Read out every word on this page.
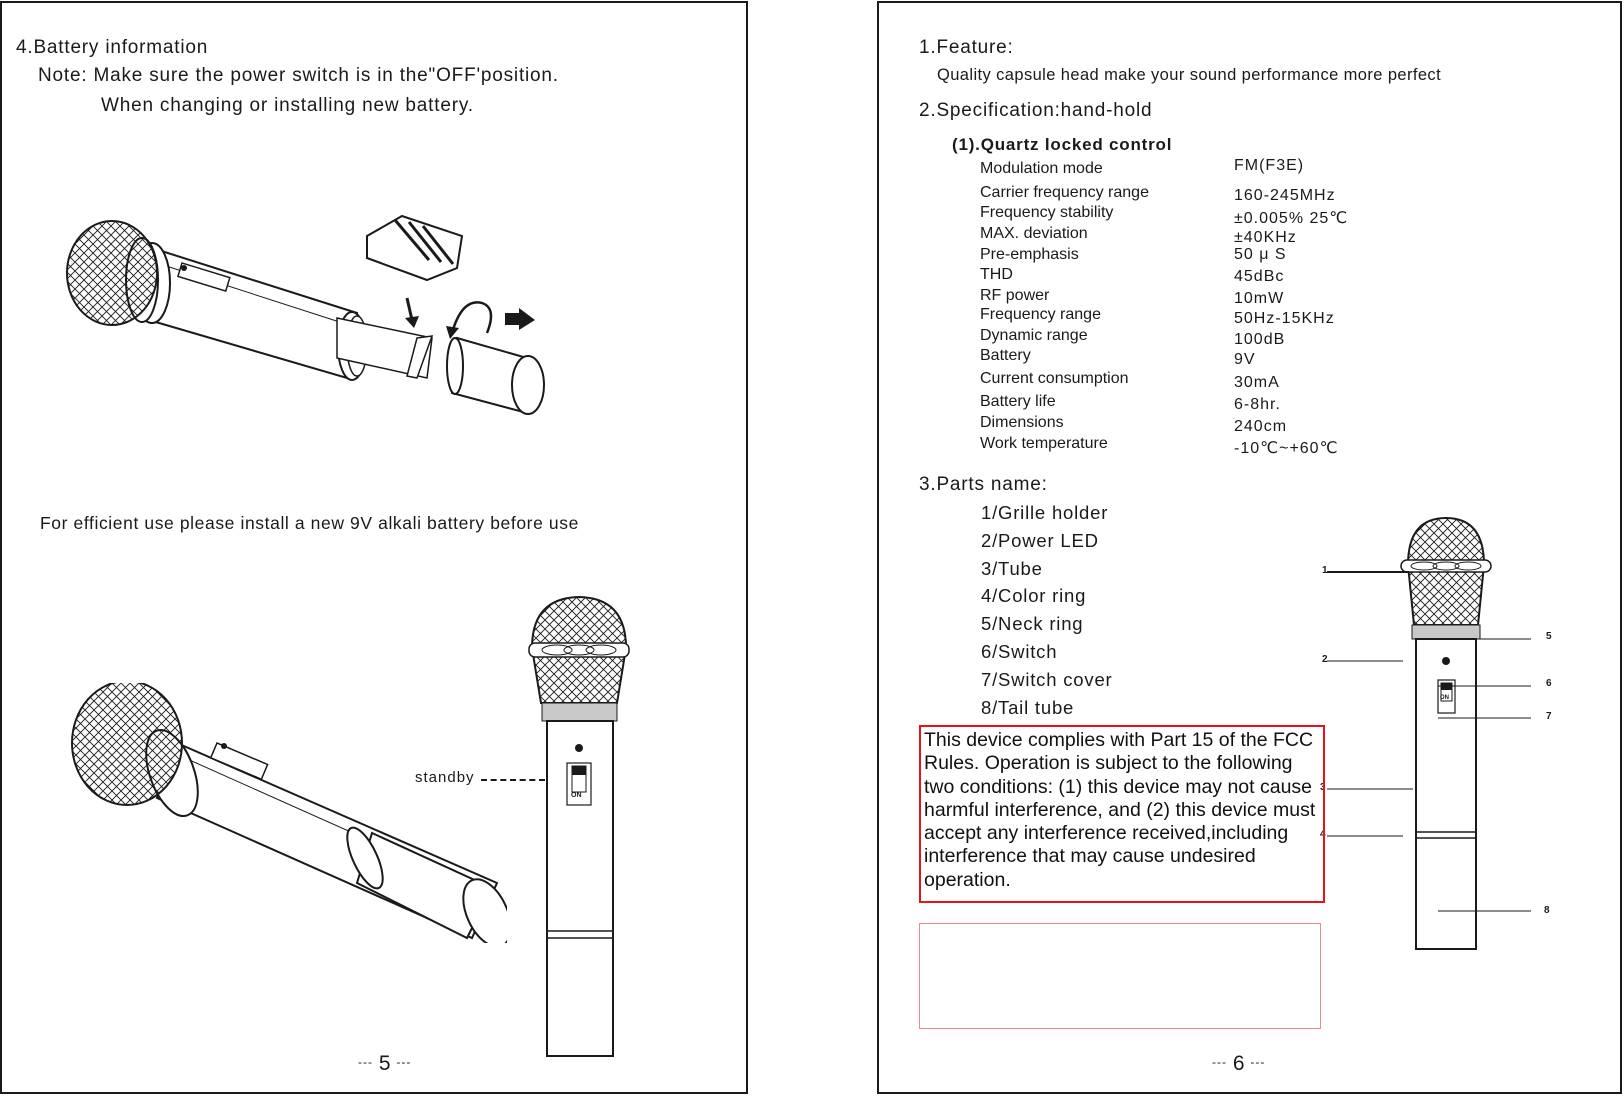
4.Battery information
Note: Make sure the power switch is in the"OFF'position.
When changing or installing new battery.
For efficient use please install a new 9V alkali battery before use
ON
standby
--- 5 ---
1.Feature:
Quality capsule head make your sound performance more perfect
2.Specification:hand-hold
(1).Quartz locked control
Modulation mode
Carrier frequency range
Frequency stability
MAX. deviation
Pre-emphasis
THD
RF power
Frequency range
Dynamic range
Battery
Current consumption
Battery life
Dimensions
Work temperature
FM(F3E)
160-245MHz
±0.005% 25℃
±40KHz
50 μ S
45dBc
10mW
50Hz-15KHz
100dB
9V
30mA
6-8hr.
240cm
-10℃~+60℃
3.Parts name:
1/Grille holder
2/Power LED
3/Tube
4/Color ring
5/Neck ring
6/Switch
7/Switch cover
8/Tail tube	ON
1
2
3
4
5
6
7
8
This device complies with Part 15 of the FCC Rules. Operation is subject to the following two conditions: (1) this device may not cause harmful interference, and (2) this device must accept any interference received,including interference that may cause undesired operation.
--- 6 ---
